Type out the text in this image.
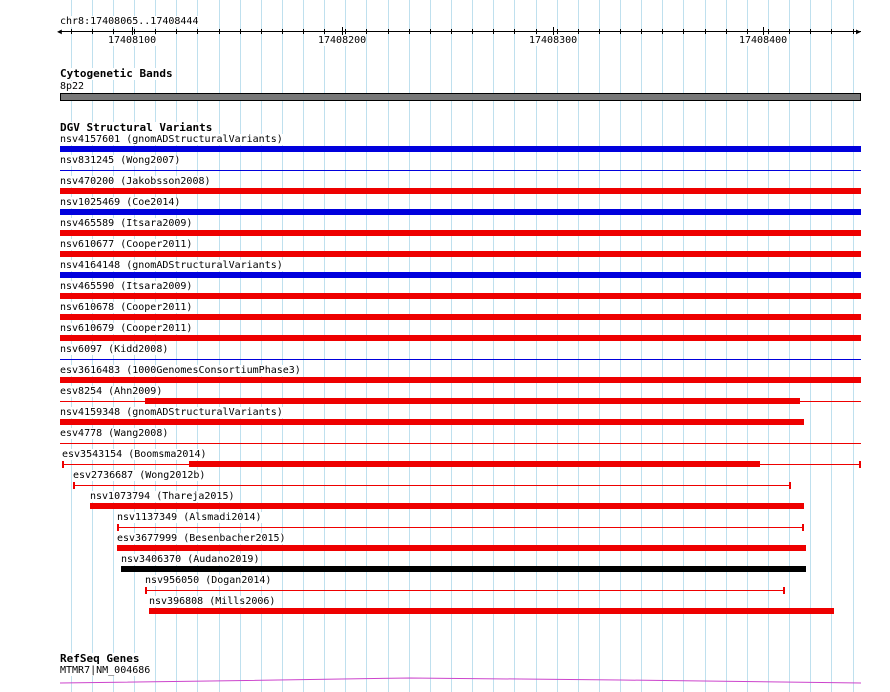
chr8:17408065..17408444
◀	▶
17408100	17408200	17408300	17408400
Cytogenetic Bands
8p22
DGV Structural Variants
nsv4157601 (gnomADStructuralVariants)
nsv831245 (Wong2007)
nsv470200 (Jakobsson2008)
nsv1025469 (Coe2014)
nsv465589 (Itsara2009)
nsv610677 (Cooper2011)
nsv4164148 (gnomADStructuralVariants)
nsv465590 (Itsara2009)
nsv610678 (Cooper2011)
nsv610679 (Cooper2011)
nsv6097 (Kidd2008)
esv3616483 (1000GenomesConsortiumPhase3)
esv8254 (Ahn2009)
nsv4159348 (gnomADStructuralVariants)
esv4778 (Wang2008)
esv3543154 (Boomsma2014)
esv2736687 (Wong2012b)
nsv1073794 (Thareja2015)
nsv1137349 (Alsmadi2014)
esv3677999 (Besenbacher2015)
nsv3406370 (Audano2019)
nsv956050 (Dogan2014)
nsv396808 (Mills2006)
RefSeq Genes
MTMR7|NM_004686
